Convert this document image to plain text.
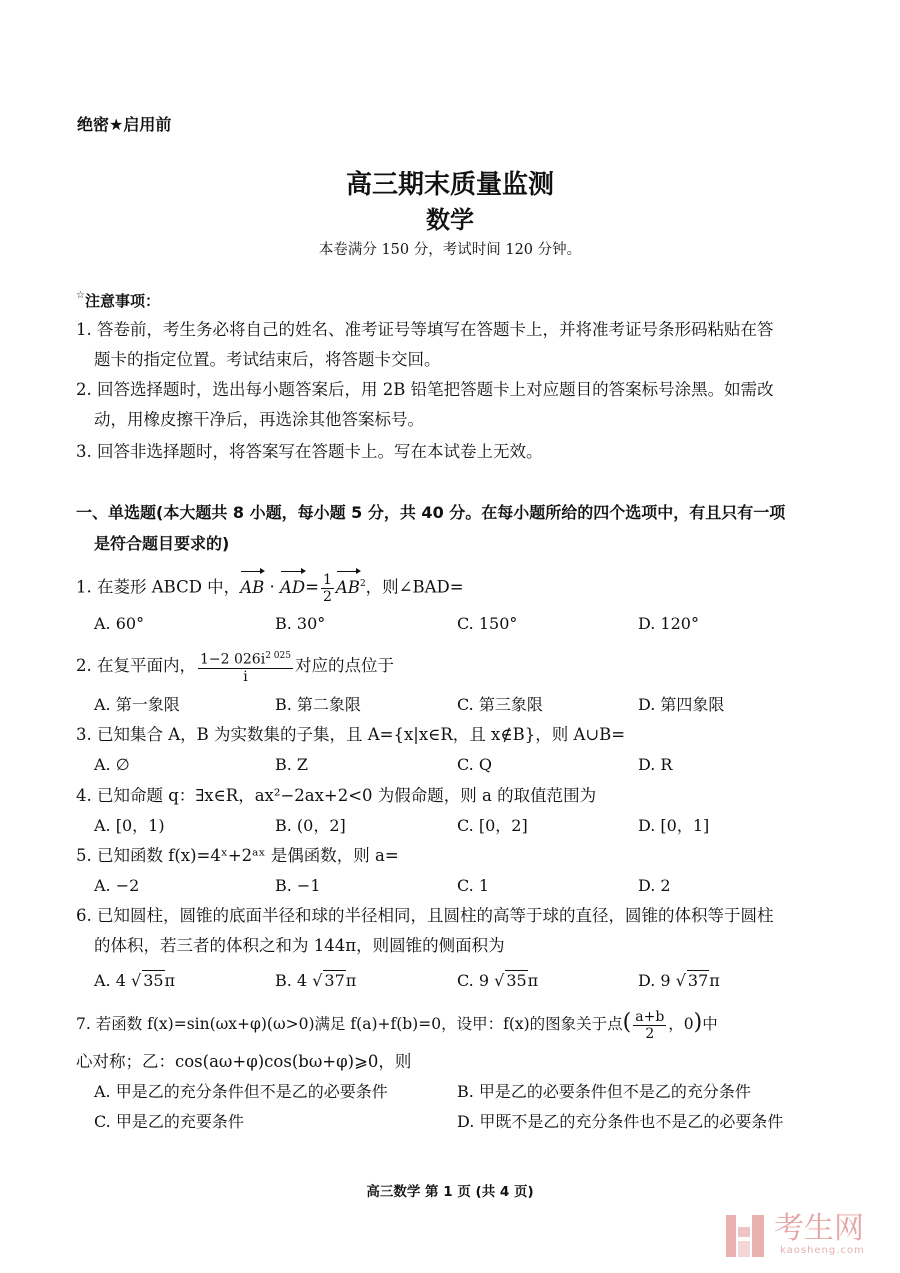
绝密★启用前
高三期末质量监测
数学
本卷满分 150 分，考试时间 120 分钟。
☆注意事项：
1. 答卷前，考生务必将自己的姓名、准考证号等填写在答题卡上，并将准考证号条形码粘贴在答
题卡的指定位置。考试结束后，将答题卡交回。
2. 回答选择题时，选出每小题答案后，用 2B 铅笔把答题卡上对应题目的答案标号涂黑。如需改
动，用橡皮擦干净后，再选涂其他答案标号。
3. 回答非选择题时，将答案写在答题卡上。写在本试卷上无效。
一、单选题(本大题共 8 小题，每小题 5 分，共 40 分。在每小题所给的四个选项中，有且只有一项
是符合题目要求的)
1. 在菱形 ABCD 中，AB · $AD= \frac{1}{2} AB^2$，则∠BAD=
A. 60°	B. 30°	C. 150°	D. 120°
2. 在复平面内， $\frac{1-2 026i^{2 025}}{i}$ 对应的点位于
A. 第一象限	B. 第二象限	C. 第三象限	D. 第四象限
3. 已知集合 A，B 为实数集的子集，且 A={x|x∈R，且 x∉B}，则 A∪B=
A. ∅	B. Z	C. Q	D. R
4. 已知命题 q：∃x∈R，ax²−2ax+2<0 为假命题，则 a 的取值范围为
A. [0，1)	B. (0，2]	C. [0，2]	D. [0，1]
5. 已知函数 f(x)=4ˣ+2ᵃˣ 是偶函数，则 a=
A. −2	B. −1	C. 1	D. 2
6. 已知圆柱，圆锥的底面半径和球的半径相同，且圆柱的高等于球的直径，圆锥的体积等于圆柱
的体积，若三者的体积之和为 144π，则圆锥的侧面积为
A. 4 √ 35π	B. 4 √ 37π	C. 9 √ 35π	D. 9 √ 37π
7. 若函数 f(x)=sin(ωx+φ)(ω>0)满足 f(a)+f(b)=0，设甲：f(x)的图象关于点( $\frac{a+b}{2}$ ，0)中
心对称；乙：cos(aω+φ)cos(bω+φ)⩾0，则
A. 甲是乙的充分条件但不是乙的必要条件	B. 甲是乙的必要条件但不是乙的充分条件
C. 甲是乙的充要条件	D. 甲既不是乙的充分条件也不是乙的必要条件
高三数学 第 1 页 (共 4 页)
考生网
kaosheng.com
